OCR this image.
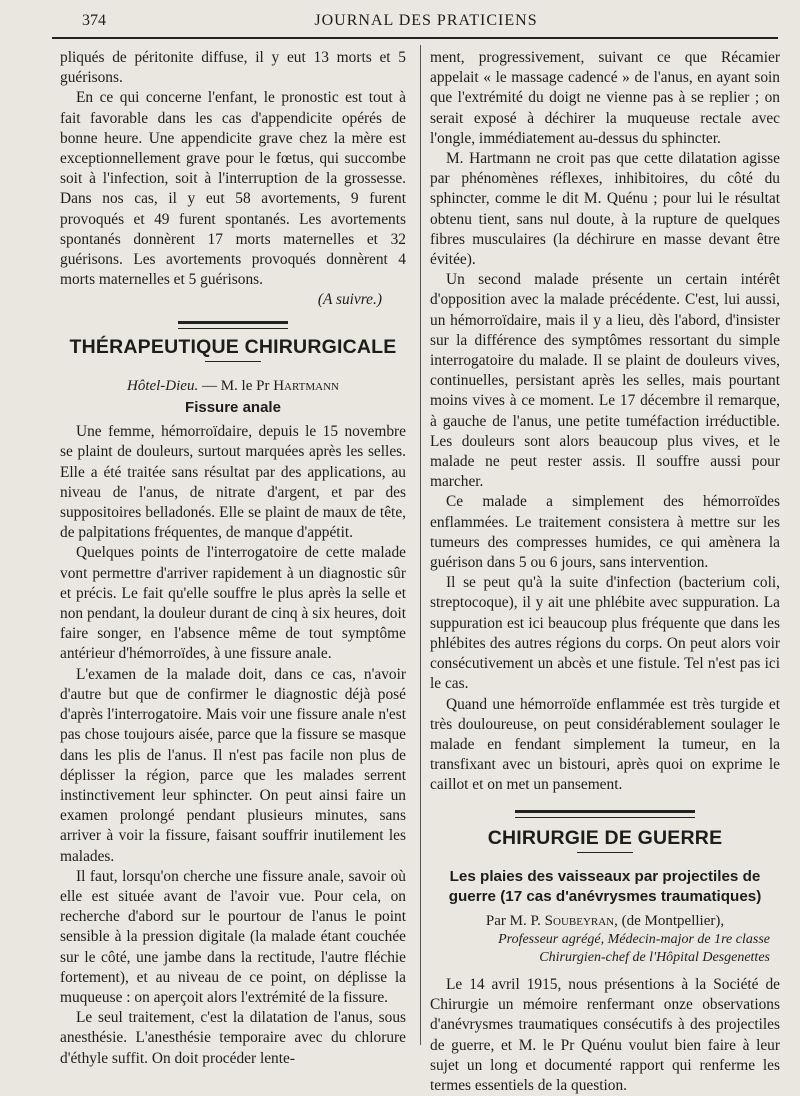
374	JOURNAL DES PRATICIENS

pliqués de péritonite diffuse, il y eut 13 morts et 5 guérisons.

En ce qui concerne l'enfant, le pronostic est tout à fait favorable dans les cas d'appendicite opérés de bonne heure. Une appendicite grave chez la mère est exceptionnellement grave pour le fœtus, qui succombe soit à l'infection, soit à l'interruption de la grossesse. Dans nos cas, il y eut 58 avortements, 9 furent provoqués et 49 furent spontanés. Les avortements spontanés donnèrent 17 morts maternelles et 32 guérisons. Les avortements provoqués donnèrent 4 morts maternelles et 5 guérisons.

(A suivre.)
THÉRAPEUTIQUE CHIRURGICALE
Hôtel-Dieu. — M. le Pr Hartmann
Fissure anale

Une femme, hémorroïdaire, depuis le 15 novembre se plaint de douleurs, surtout marquées après les selles. Elle a été traitée sans résultat par des applications, au niveau de l'anus, de nitrate d'argent, et par des suppositoires belladonés. Elle se plaint de maux de tête, de palpitations fréquentes, de manque d'appétit.

Quelques points de l'interrogatoire de cette malade vont permettre d'arriver rapidement à un diagnostic sûr et précis. Le fait qu'elle souffre le plus après la selle et non pendant, la douleur durant de cinq à six heures, doit faire songer, en l'absence même de tout symptôme antérieur d'hémorroïdes, à une fissure anale.

L'examen de la malade doit, dans ce cas, n'avoir d'autre but que de confirmer le diagnostic déjà posé d'après l'interrogatoire. Mais voir une fissure anale n'est pas chose toujours aisée, parce que la fissure se masque dans les plis de l'anus. Il n'est pas facile non plus de déplisser la région, parce que les malades serrent instinctivement leur sphincter. On peut ainsi faire un examen prolongé pendant plusieurs minutes, sans arriver à voir la fissure, faisant souffrir inutilement les malades.

Il faut, lorsqu'on cherche une fissure anale, savoir où elle est située avant de l'avoir vue. Pour cela, on recherche d'abord sur le pourtour de l'anus le point sensible à la pression digitale (la malade étant couchée sur le côté, une jambe dans la rectitude, l'autre fléchie fortement), et au niveau de ce point, on déplisse la muqueuse : on aperçoit alors l'extrémité de la fissure.

Le seul traitement, c'est la dilatation de l'anus, sous anesthésie. L'anesthésie temporaire avec du chlorure d'éthyle suffit. On doit procéder lente-

ment, progressivement, suivant ce que Récamier appelait « le massage cadencé » de l'anus, en ayant soin que l'extrémité du doigt ne vienne pas à se replier ; on serait exposé à déchirer la muqueuse rectale avec l'ongle, immédiatement au-dessus du sphincter.

M. Hartmann ne croit pas que cette dilatation agisse par phénomènes réflexes, inhibitoires, du côté du sphincter, comme le dit M. Quénu ; pour lui le résultat obtenu tient, sans nul doute, à la rupture de quelques fibres musculaires (la déchirure en masse devant être évitée).

Un second malade présente un certain intérêt d'opposition avec la malade précédente. C'est, lui aussi, un hémorroïdaire, mais il y a lieu, dès l'abord, d'insister sur la différence des symptômes ressortant du simple interrogatoire du malade. Il se plaint de douleurs vives, continuelles, persistant après les selles, mais pourtant moins vives à ce moment. Le 17 décembre il remarque, à gauche de l'anus, une petite tuméfaction irréductible. Les douleurs sont alors beaucoup plus vives, et le malade ne peut rester assis. Il souffre aussi pour marcher.

Ce malade a simplement des hémorroïdes enflammées. Le traitement consistera à mettre sur les tumeurs des compresses humides, ce qui amènera la guérison dans 5 ou 6 jours, sans intervention.

Il se peut qu'à la suite d'infection (bacterium coli, streptocoque), il y ait une phlébite avec suppuration. La suppuration est ici beaucoup plus fréquente que dans les phlébites des autres régions du corps. On peut alors voir consécutivement un abcès et une fistule. Tel n'est pas ici le cas.

Quand une hémorroïde enflammée est très turgide et très douloureuse, on peut considérablement soulager le malade en fendant simplement la tumeur, en la transfixant avec un bistouri, après quoi on exprime le caillot et on met un pansement.

CHIRURGIE DE GUERRE
Les plaies des vaisseaux par projectiles de guerre (17 cas d'anévrysmes traumatiques)
Par M. P. Soubeyran, (de Montpellier),
Professeur agrégé, Médecin-major de 1re classe
Chirurgien-chef de l'Hôpital Desgenettes

Le 14 avril 1915, nous présentions à la Société de Chirurgie un mémoire renfermant onze observations d'anévrysmes traumatiques consécutifs à des projectiles de guerre, et M. le Pr Quénu voulut bien faire à leur sujet un long et documenté rapport qui renferme les termes essentiels de la question.
